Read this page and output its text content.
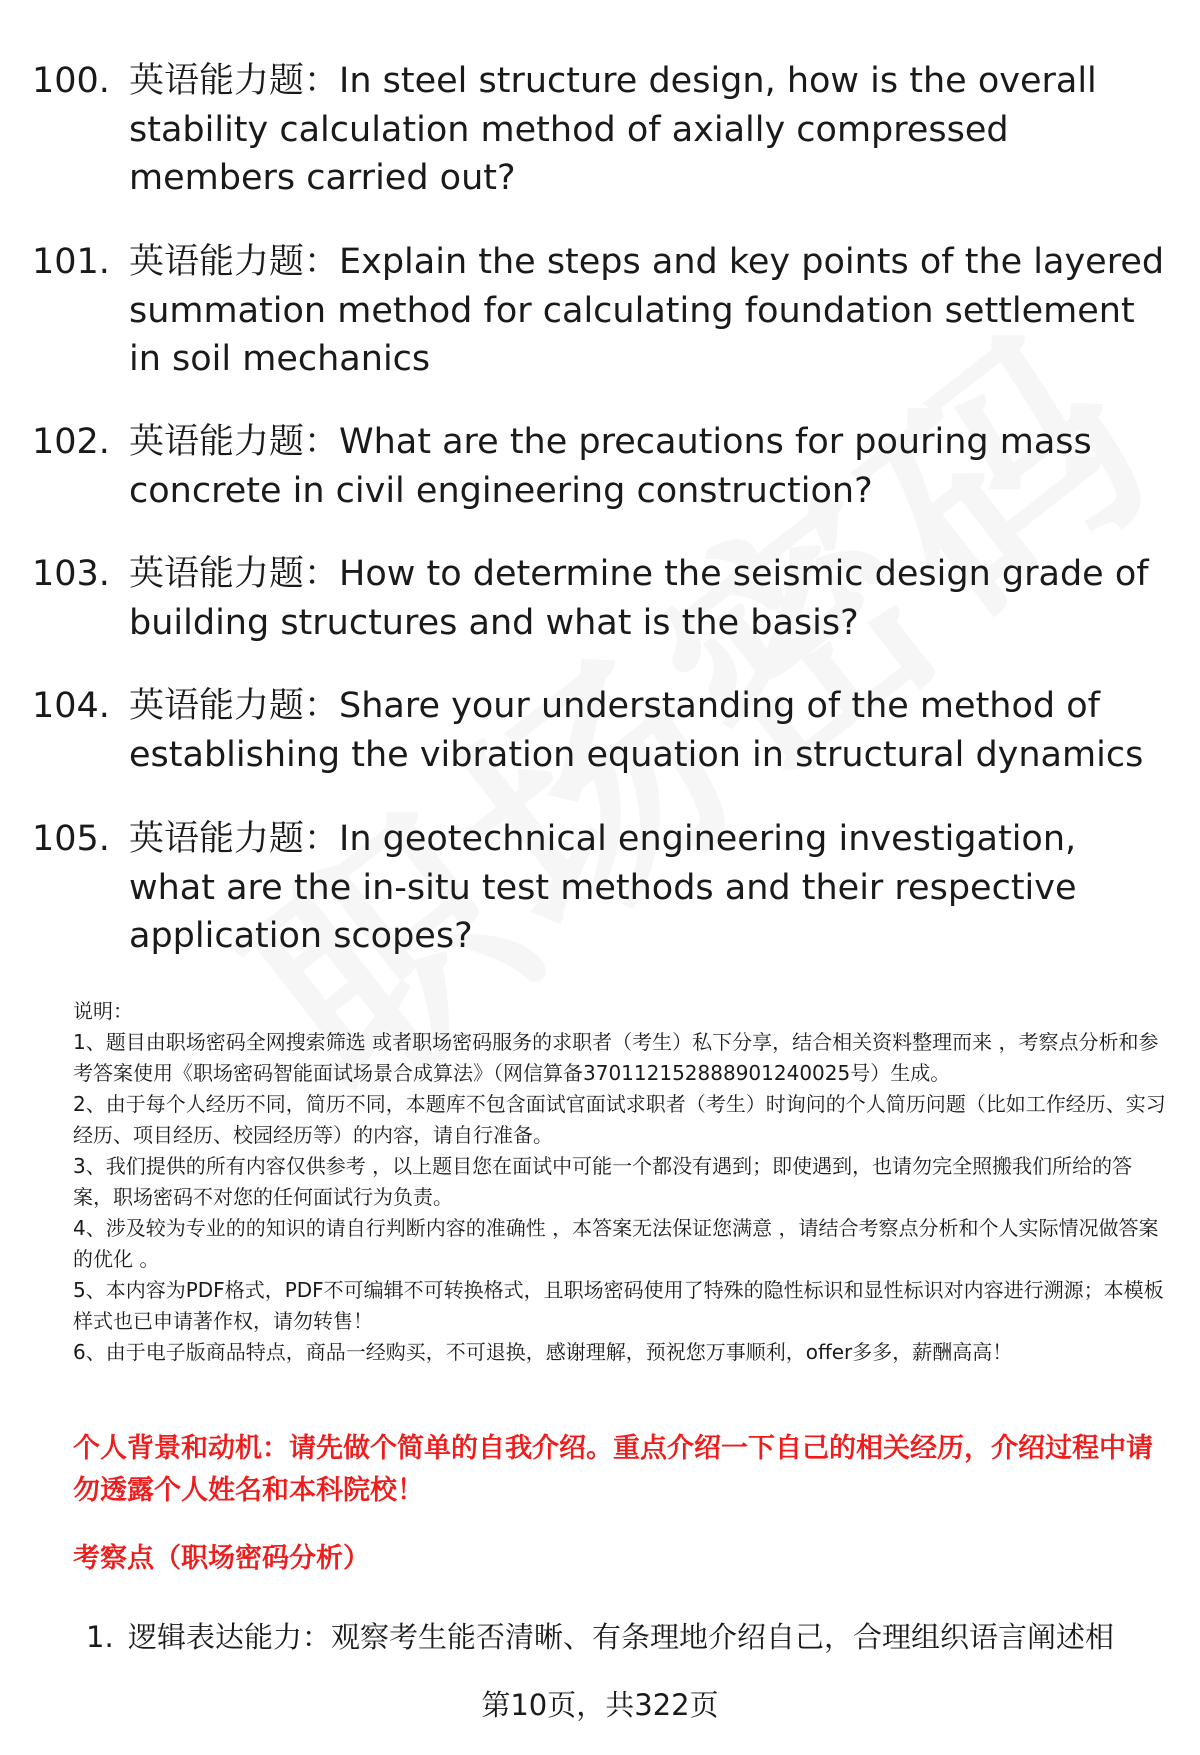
100. 英语能力题：In steel structure design, how is the overall stability calculation method of axially compressed members carried out?
101. 英语能力题：Explain the steps and key points of the layered summation method for calculating foundation settlement in soil mechanics
102. 英语能力题：What are the precautions for pouring mass concrete in civil engineering construction?
103. 英语能力题：How to determine the seismic design grade of building structures and what is the basis?
104. 英语能力题：Share your understanding of the method of establishing the vibration equation in structural dynamics
105. 英语能力题：In geotechnical engineering investigation, what are the in-situ test methods and their respective application scopes?

说明：

1、题目由职场密码全网搜索筛选 或者职场密码服务的求职者（考生）私下分享，结合相关资料整理而来 ，考察点分析和参考答案使用《职场密码智能面试场景合成算法》（网信算备370112152888901240025号）生成。

2、由于每个人经历不同，简历不同，本题库不包含面试官面试求职者（考生）时询问的个人简历问题（比如工作经历、实习经历、项目经历、校园经历等）的内容，请自行准备。

3、我们提供的所有内容仅供参考 ，以上题目您在面试中可能一个都没有遇到；即使遇到，也请勿完全照搬我们所给的答案，职场密码不对您的任何面试行为负责。

4、涉及较为专业的的知识的请自行判断内容的准确性 ，本答案无法保证您满意 ，请结合考察点分析和个人实际情况做答案的优化 。

5、本内容为PDF格式，PDF不可编辑不可转换格式，且职场密码使用了特殊的隐性标识和显性标识对内容进行溯源；本模板样式也已申请著作权，请勿转售！

6、由于电子版商品特点，商品一经购买，不可退换，感谢理解，预祝您万事顺利，offer多多，薪酬高高！

个人背景和动机：请先做个简单的自我介绍。重点介绍一下自己的相关经历，介绍过程中请勿透露个人姓名和本科院校！
考察点（职场密码分析）
1. 逻辑表达能力：观察考生能否清晰、有条理地介绍自己，合理组织语言阐述相
第10页，共322页
